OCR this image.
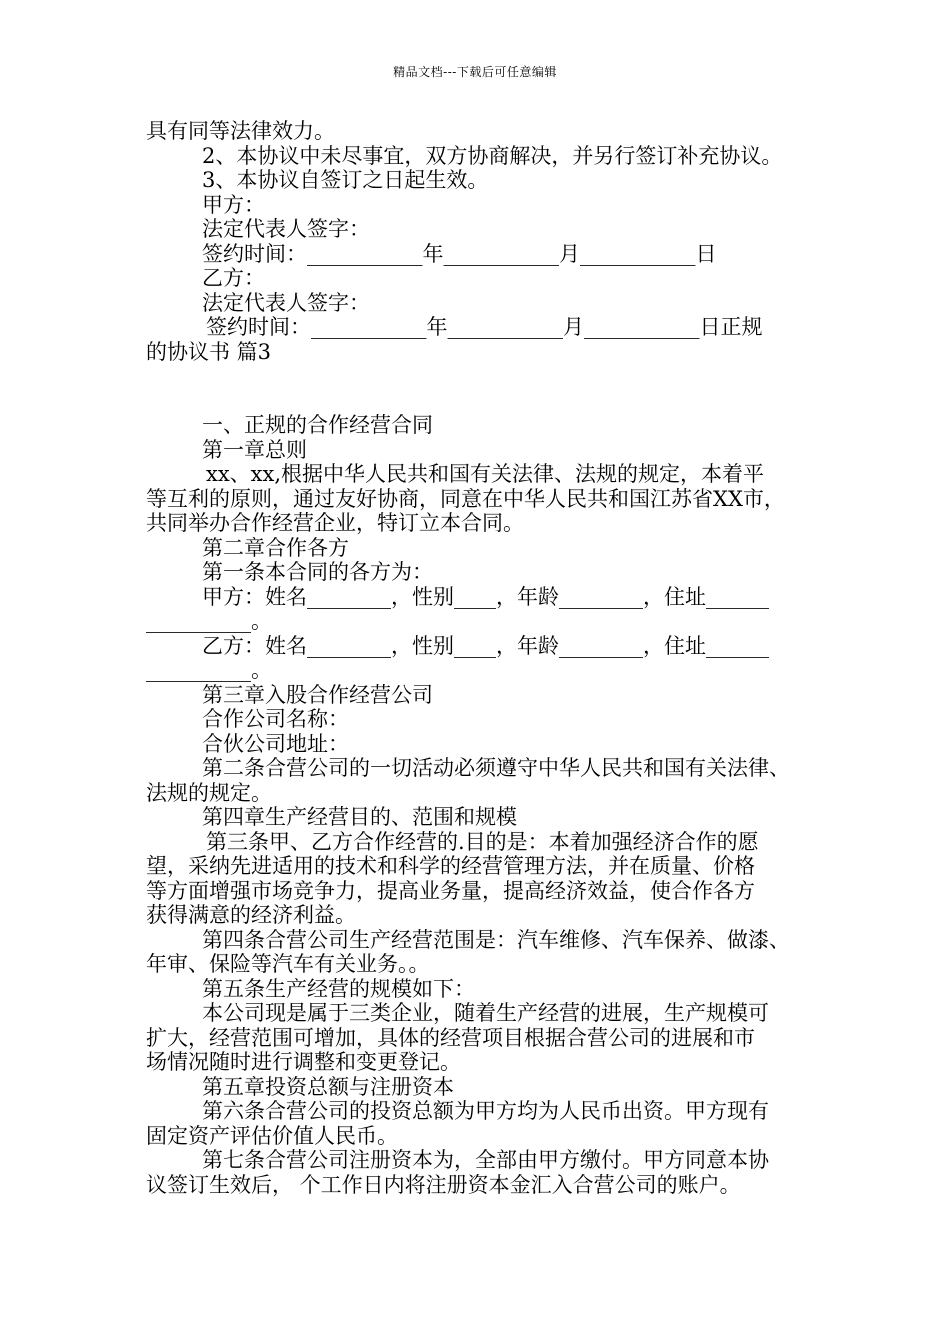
精品文档---下载后可任意编辑
具有同等法律效力。
2、本协议中未尽事宜，双方协商解决，并另行签订补充协议。
3、本协议自签订之日起生效。
甲方：
法定代表人签字：
签约时间：___________年___________月___________日
乙方：
法定代表人签字：
签约时间：___________年___________月___________日正规
的协议书 篇3
一、正规的合作经营合同
第一章总则
xx、xx,根据中华人民共和国有关法律、法规的规定，本着平
等互利的原则，通过友好协商，同意在中华人民共和国江苏省XX市，
共同举办合作经营企业，特订立本合同。
第二章合作各方
第一条本合同的各方为：
甲方：姓名________，性别____，年龄________，住址______
__________。
乙方：姓名________，性别____，年龄________，住址______
__________。
第三章入股合作经营公司
合作公司名称：
合伙公司地址：
第二条合营公司的一切活动必须遵守中华人民共和国有关法律、
法规的规定。
第四章生产经营目的、范围和规模
第三条甲、乙方合作经营的.目的是：本着加强经济合作的愿
望，采纳先进适用的技术和科学的经营管理方法，并在质量、价格
等方面增强市场竞争力，提高业务量，提高经济效益，使合作各方
获得满意的经济利益。
第四条合营公司生产经营范围是：汽车维修、汽车保养、做漆、
年审、保险等汽车有关业务。。
第五条生产经营的规模如下：
本公司现是属于三类企业，随着生产经营的进展，生产规模可
扩大，经营范围可增加，具体的经营项目根据合营公司的进展和市
场情况随时进行调整和变更登记。
第五章投资总额与注册资本
第六条合营公司的投资总额为甲方均为人民币出资。甲方现有
固定资产评估价值人民币。
第七条合营公司注册资本为，全部由甲方缴付。甲方同意本协
议签订生效后， 个工作日内将注册资本金汇入合营公司的账户。
